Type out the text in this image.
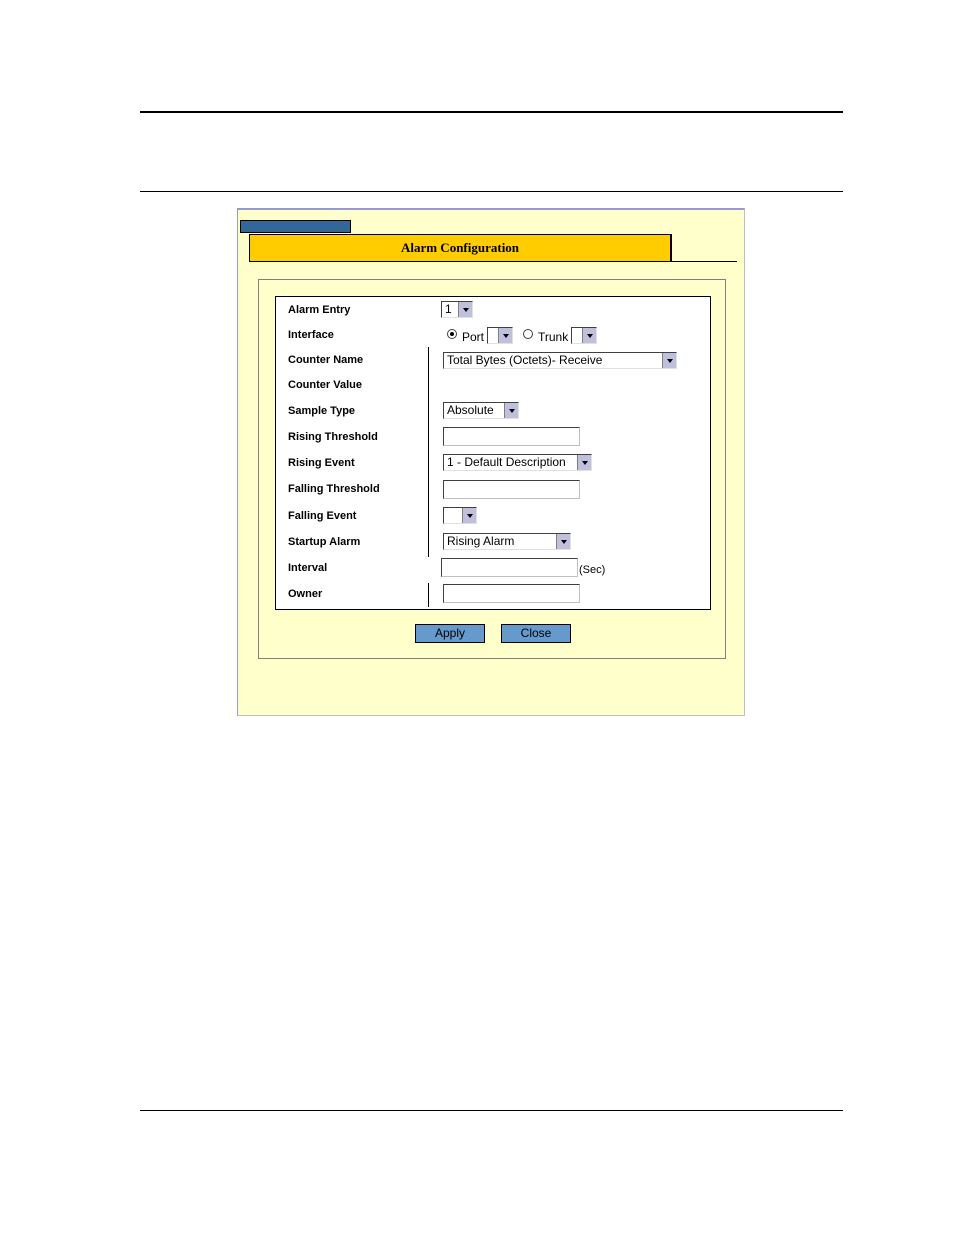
Alarm Configuration
Alarm Entry	1
Interface	Port	Trunk
Counter Name	Total Bytes (Octets)- Receive
Counter Value
Sample Type	Absolute
Rising Threshold
Rising Event	1 - Default Description
Falling Threshold
Falling Event
Startup Alarm	Rising Alarm
Interval	(Sec)
Owner
Apply	Close
